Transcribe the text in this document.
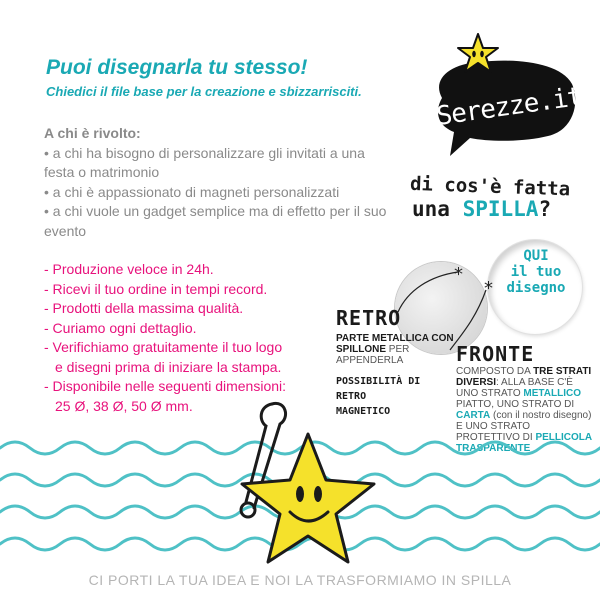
Puoi disegnarla tu stesso!
Chiedici il file base per la creazione e sbizzarrisciti.
A chi è rivolto:
• a chi ha bisogno di personalizzare gli invitati a una festa o matrimonio
• a chi è appassionato di magneti personalizzati
• a chi vuole un gadget semplice ma di effetto per il suo evento
- Produzione veloce in 24h.
- Ricevi il tuo ordine in tempi record.
- Prodotti della massima qualità.
- Curiamo ogni dettaglio.
- Verifichiamo gratuitamente il tuo logo
e disegni prima di iniziare la stampa.
- Disponibile nelle seguenti dimensioni:
25 Ø, 38 Ø, 50 Ø mm.
Serezze.it
di cos'è fatta
una SPILLA?
QUI
il tuo
disegno
*
*
RETRO
PARTE METALLICA CON SPILLONE PER APPENDERLA
POSSIBILITÀ DI RETRO MAGNETICO
FRONTE
COMPOSTO DA TRE STRATI DIVERSI: ALLA BASE C'È UNO STRATO METALLICO PIATTO, UNO STRATO DI CARTA (con il nostro disegno) E UNO STRATO PROTETTIVO DI PELLICOLA TRASPARENTE
CI PORTI LA TUA IDEA E NOI LA TRASFORMIAMO IN SPILLA
